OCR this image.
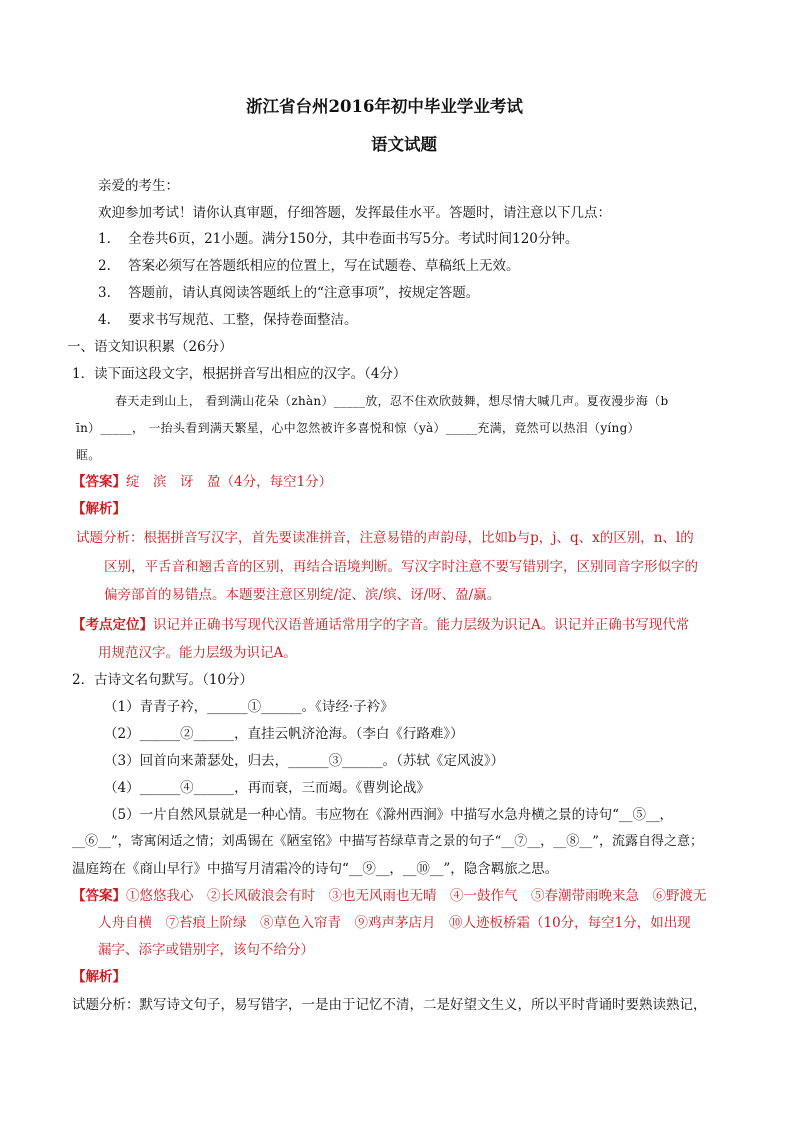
浙江省台州2016年初中毕业学业考试
语文试题
亲爱的考生：
欢迎参加考试！请你认真审题，仔细答题，发挥最佳水平。答题时，请注意以下几点：
1. 全卷共6页，21小题。满分150分，其中卷面书写5分。考试时间120分钟。
2. 答案必须写在答题纸相应的位置上，写在试题卷、草稿纸上无效。
3. 答题前，请认真阅读答题纸上的“注意事项”，按规定答题。
4. 要求书写规范、工整，保持卷面整洁。
一、语文知识积累（26分）
1．读下面这段文字，根据拼音写出相应的汉字。（4分）
春天走到山上， 看到满山花朵（zhàn）_____放，忍不住欢欣鼓舞，想尽情大喊几声。夏夜漫步海（b
īn）_____， 一抬头看到满天繁星，心中忽然被许多喜悦和惊（yà）_____充满，竟然可以热泪（yíng）
眶。
【答案】绽　滨　讶　盈（4分，每空1分）
【解析】
试题分析：根据拼音写汉字，首先要读准拼音，注意易错的声韵母，比如b与p，j、q、x的区别，n、l的
区别，平舌音和翘舌音的区别，再结合语境判断。写汉字时注意不要写错别字，区别同音字形似字的
偏旁部首的易错点。本题要注意区别绽/淀、滨/缤、讶/呀、盈/赢。
【考点定位】识记并正确书写现代汉语普通话常用字的字音。能力层级为识记A。识记并正确书写现代常
用规范汉字。能力层级为识记A。
2．古诗文名句默写。（10分）
（1）青青子衿，______①______。《诗经·子衿》
（2）______②______，直挂云帆济沧海。（李白《行路难》）
（3）回首向来萧瑟处，归去，______③______。（苏轼《定风波》）
（4）______④______，再而衰，三而竭。《曹刿论战》
（5）一片自然风景就是一种心情。韦应物在《滁州西涧》中描写水急舟横之景的诗句“__⑤__，
__⑥__”，寄寓闲适之情；刘禹锡在《陋室铭》中描写苔绿草青之景的句子“__⑦__，__⑧__”，流露自得之意；
温庭筠在《商山早行》中描写月清霜冷的诗句“__⑨__，__⑩__”，隐含羁旅之思。
【答案】①悠悠我心　②长风破浪会有时　③也无风雨也无晴　④一鼓作气　⑤春潮带雨晚来急　⑥野渡无
人舟自横　⑦苔痕上阶绿　⑧草色入帘青　⑨鸡声茅店月　⑩人迹板桥霜（10分，每空1分，如出现
漏字、添字或错别字，该句不给分）
【解析】
试题分析：默写诗文句子，易写错字，一是由于记忆不清，二是好望文生义，所以平时背诵时要熟读熟记，
